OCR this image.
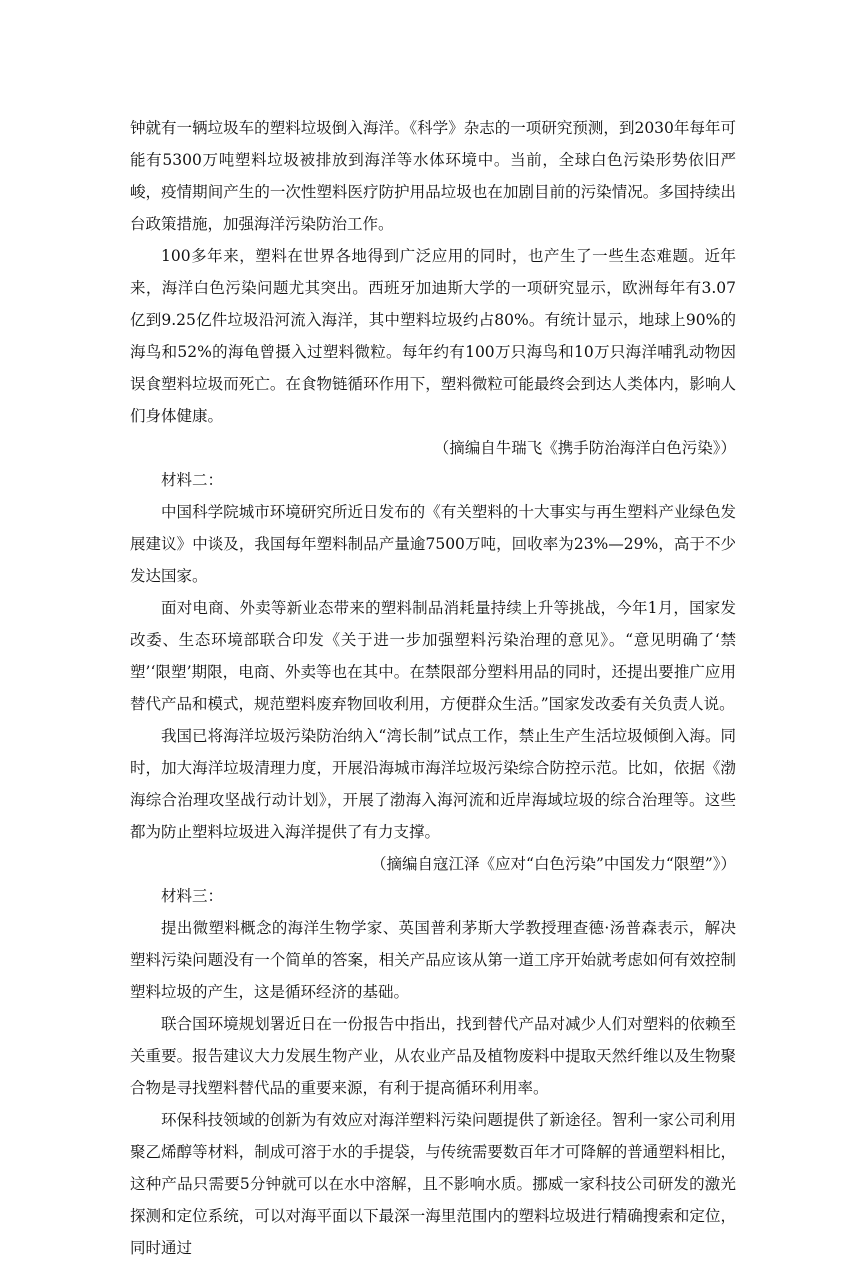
钟就有一辆垃圾车的塑料垃圾倒入海洋。《科学》杂志的一项研究预测，到2030年每年可能有5300万吨塑料垃圾被排放到海洋等水体环境中。当前，全球白色污染形势依旧严峻，疫情期间产生的一次性塑料医疗防护用品垃圾也在加剧目前的污染情况。多国持续出台政策措施，加强海洋污染防治工作。

100多年来，塑料在世界各地得到广泛应用的同时，也产生了一些生态难题。近年来，海洋白色污染问题尤其突出。西班牙加迪斯大学的一项研究显示，欧洲每年有3.07亿到9.25亿件垃圾沿河流入海洋，其中塑料垃圾约占80%。有统计显示，地球上90%的海鸟和52%的海龟曾摄入过塑料微粒。每年约有100万只海鸟和10万只海洋哺乳动物因误食塑料垃圾而死亡。在食物链循环作用下，塑料微粒可能最终会到达人类体内，影响人们身体健康。

（摘编自牛瑞飞《携手防治海洋白色污染》）

材料二：

中国科学院城市环境研究所近日发布的《有关塑料的十大事实与再生塑料产业绿色发展建议》中谈及，我国每年塑料制品产量逾7500万吨，回收率为23%—29%，高于不少发达国家。

面对电商、外卖等新业态带来的塑料制品消耗量持续上升等挑战，今年1月，国家发改委、生态环境部联合印发《关于进一步加强塑料污染治理的意见》。“意见明确了‘禁塑’‘限塑’期限，电商、外卖等也在其中。在禁限部分塑料用品的同时，还提出要推广应用替代产品和模式，规范塑料废弃物回收利用，方便群众生活。”国家发改委有关负责人说。

我国已将海洋垃圾污染防治纳入“湾长制”试点工作，禁止生产生活垃圾倾倒入海。同时，加大海洋垃圾清理力度，开展沿海城市海洋垃圾污染综合防控示范。比如，依据《渤海综合治理攻坚战行动计划》，开展了渤海入海河流和近岸海域垃圾的综合治理等。这些都为防止塑料垃圾进入海洋提供了有力支撑。

（摘编自寇江泽《应对“白色污染”中国发力“限塑”》）

材料三：

提出微塑料概念的海洋生物学家、英国普利茅斯大学教授理查德·汤普森表示，解决塑料污染问题没有一个简单的答案，相关产品应该从第一道工序开始就考虑如何有效控制塑料垃圾的产生，这是循环经济的基础。

联合国环境规划署近日在一份报告中指出，找到替代产品对减少人们对塑料的依赖至关重要。报告建议大力发展生物产业，从农业产品及植物废料中提取天然纤维以及生物聚合物是寻找塑料替代品的重要来源，有利于提高循环利用率。

环保科技领域的创新为有效应对海洋塑料污染问题提供了新途径。智利一家公司利用聚乙烯醇等材料，制成可溶于水的手提袋，与传统需要数百年才可降解的普通塑料相比，这种产品只需要5分钟就可以在水中溶解，且不影响水质。挪威一家科技公司研发的激光探测和定位系统，可以对海平面以下最深一海里范围内的塑料垃圾进行精确搜索和定位，同时通过
